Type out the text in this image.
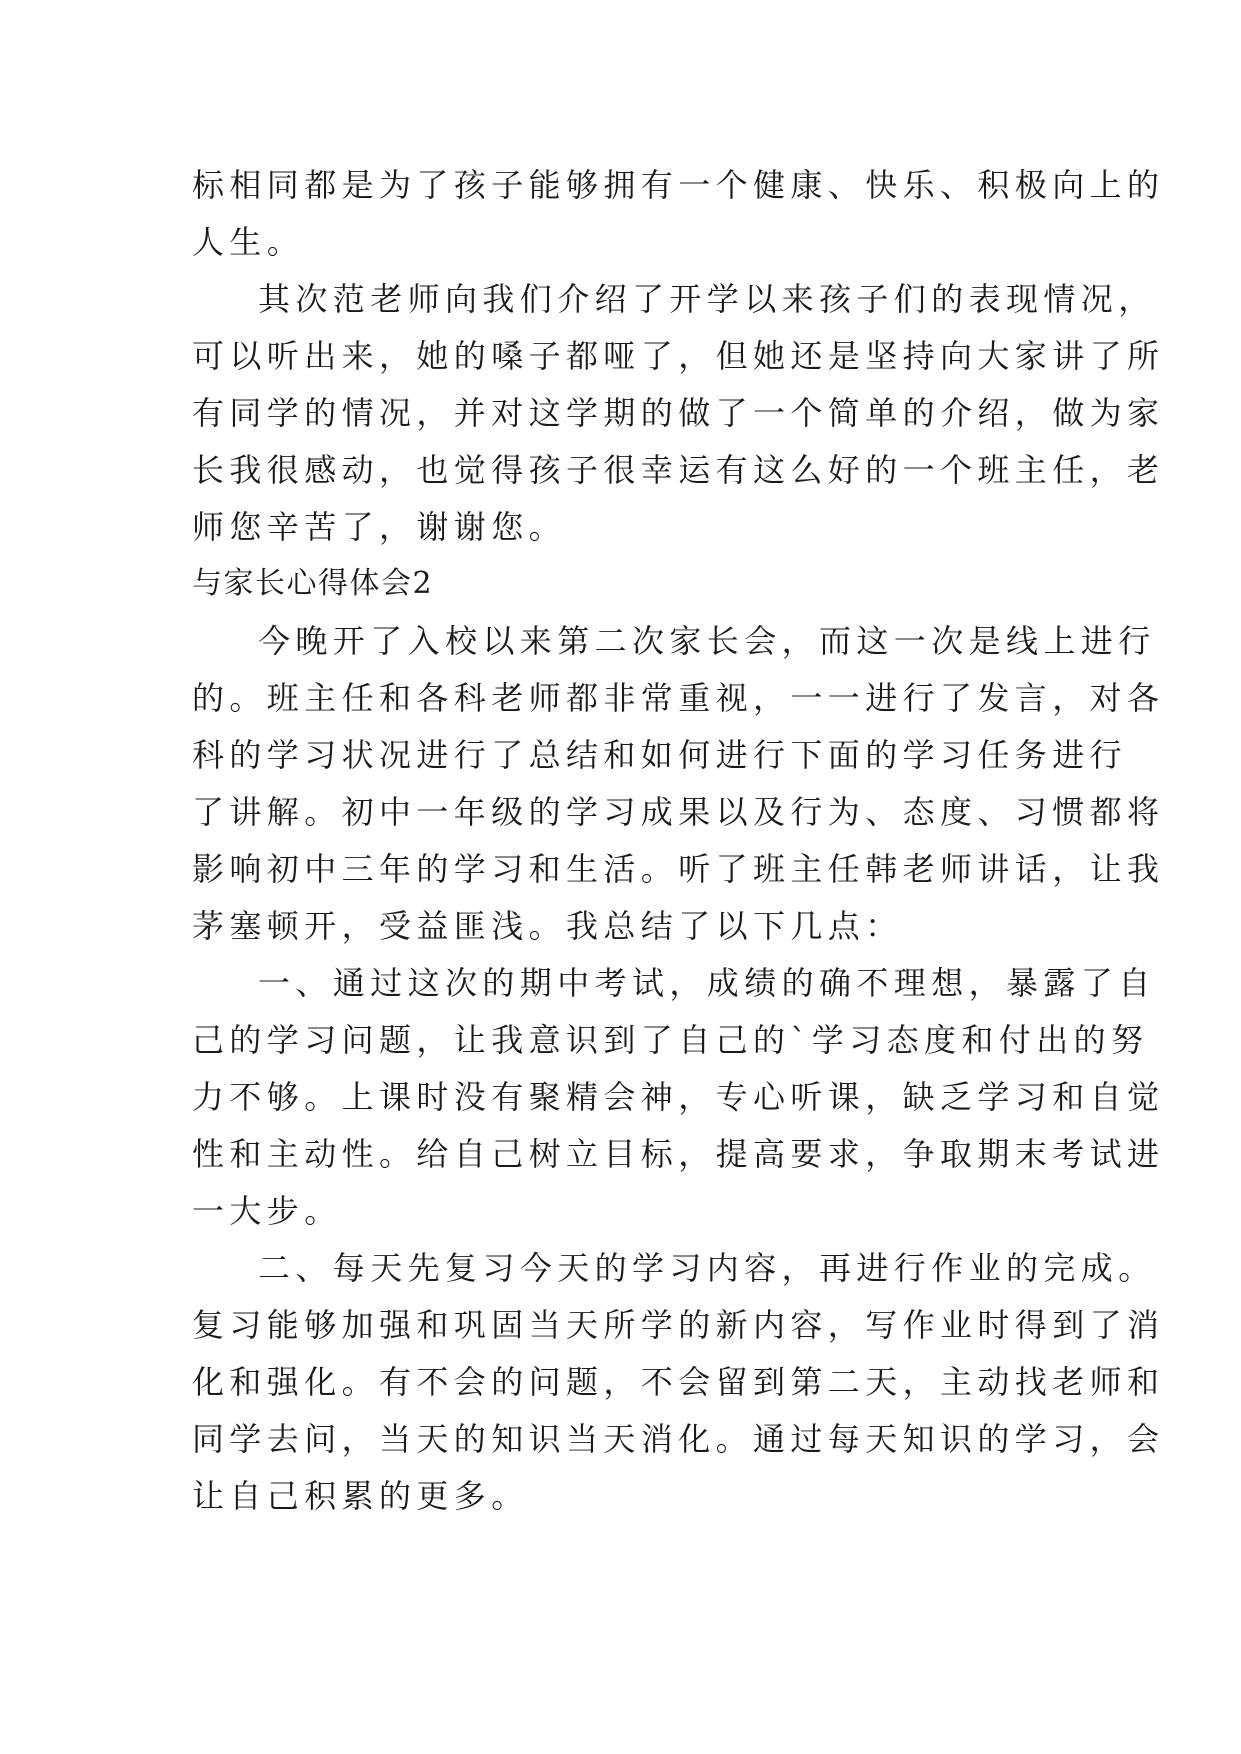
标相同都是为了孩子能够拥有一个健康、快乐、积极向上的
人生。
其次范老师向我们介绍了开学以来孩子们的表现情况，
可以听出来，她的嗓子都哑了，但她还是坚持向大家讲了所
有同学的情况，并对这学期的做了一个简单的介绍，做为家
长我很感动，也觉得孩子很幸运有这么好的一个班主任，老
师您辛苦了，谢谢您。
与家长心得体会2
今晚开了入校以来第二次家长会，而这一次是线上进行
的。班主任和各科老师都非常重视，一一进行了发言，对各
科的学习状况进行了总结和如何进行下面的学习任务进行
了讲解。初中一年级的学习成果以及行为、态度、习惯都将
影响初中三年的学习和生活。听了班主任韩老师讲话，让我
茅塞顿开，受益匪浅。我总结了以下几点：
一、通过这次的期中考试，成绩的确不理想，暴露了自
己的学习问题，让我意识到了自己的`学习态度和付出的努
力不够。上课时没有聚精会神，专心听课，缺乏学习和自觉
性和主动性。给自己树立目标，提高要求，争取期末考试进
一大步。
二、每天先复习今天的学习内容，再进行作业的完成。
复习能够加强和巩固当天所学的新内容，写作业时得到了消
化和强化。有不会的问题，不会留到第二天，主动找老师和
同学去问，当天的知识当天消化。通过每天知识的学习，会
让自己积累的更多。
